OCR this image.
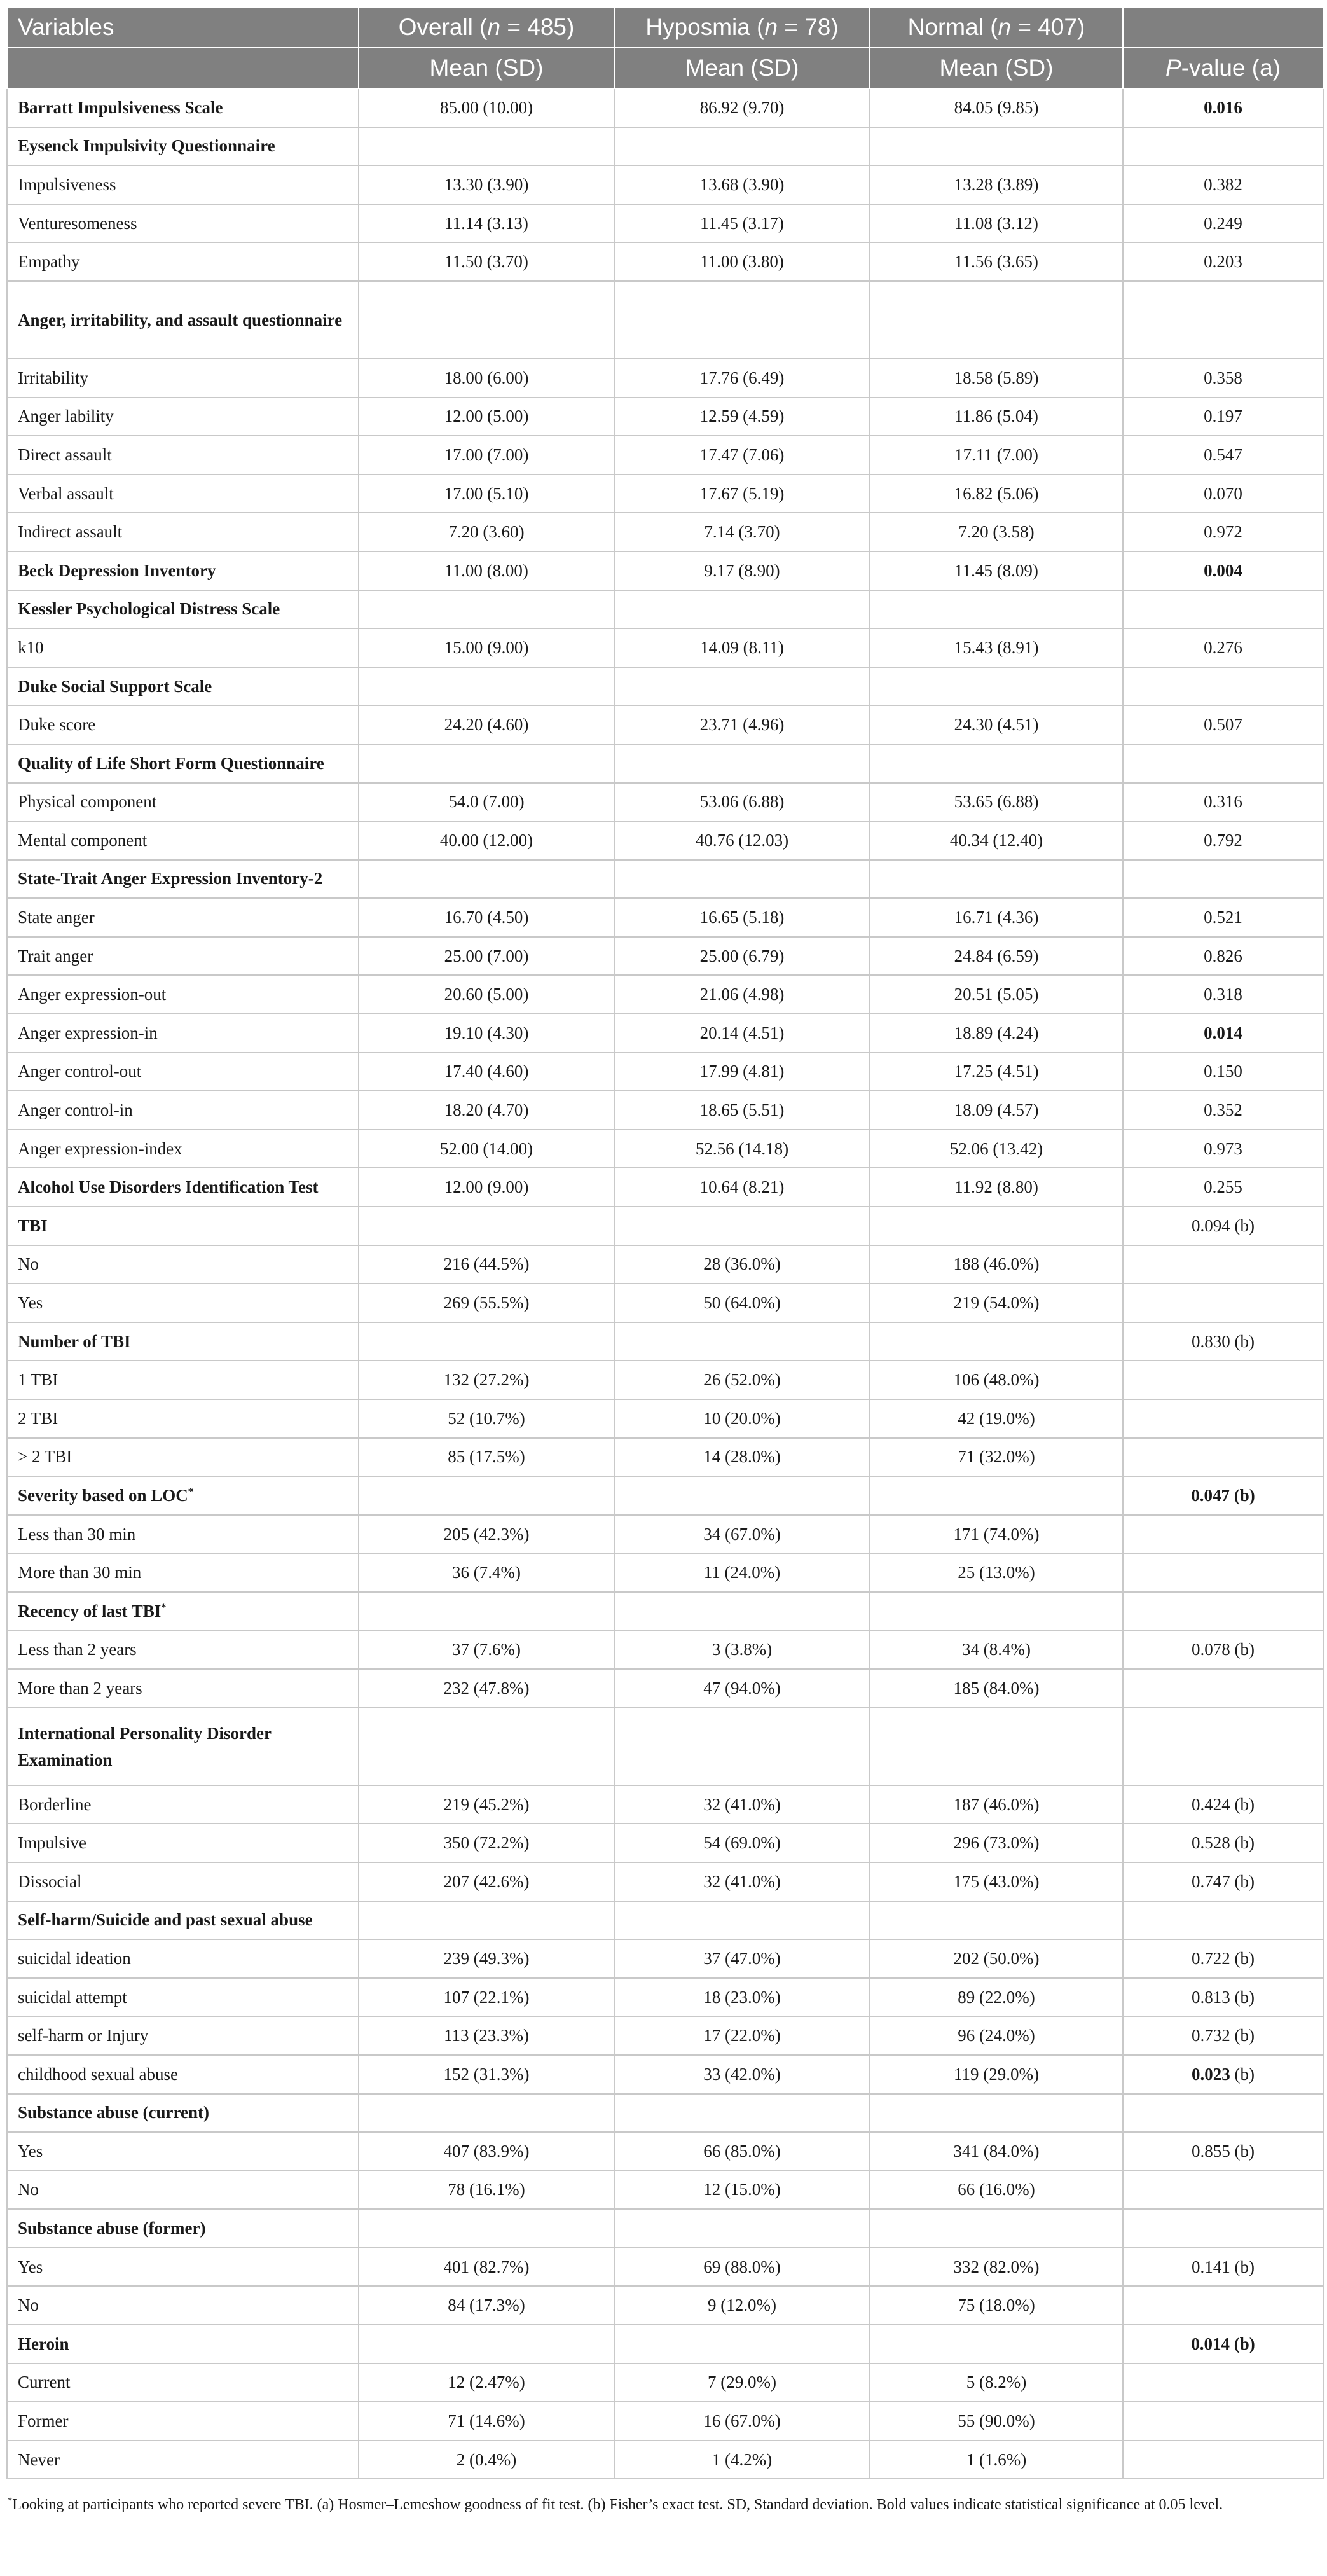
Variables	Overall (n = 485)	Hyposmia (n = 78)	Normal (n = 407)	
	Mean (SD)	Mean (SD)	Mean (SD)	P-value (a)
Barratt Impulsiveness Scale	85.00 (10.00)	86.92 (9.70)	84.05 (9.85)	0.016
Eysenck Impulsivity Questionnaire				
Impulsiveness	13.30 (3.90)	13.68 (3.90)	13.28 (3.89)	0.382
Venturesomeness	11.14 (3.13)	11.45 (3.17)	11.08 (3.12)	0.249
Empathy	11.50 (3.70)	11.00 (3.80)	11.56 (3.65)	0.203
Anger, irritability, and assault questionnaire				
Irritability	18.00 (6.00)	17.76 (6.49)	18.58 (5.89)	0.358
Anger lability	12.00 (5.00)	12.59 (4.59)	11.86 (5.04)	0.197
Direct assault	17.00 (7.00)	17.47 (7.06)	17.11 (7.00)	0.547
Verbal assault	17.00 (5.10)	17.67 (5.19)	16.82 (5.06)	0.070
Indirect assault	7.20 (3.60)	7.14 (3.70)	7.20 (3.58)	0.972
Beck Depression Inventory	11.00 (8.00)	9.17 (8.90)	11.45 (8.09)	0.004
Kessler Psychological Distress Scale				
k10	15.00 (9.00)	14.09 (8.11)	15.43 (8.91)	0.276
Duke Social Support Scale				
Duke score	24.20 (4.60)	23.71 (4.96)	24.30 (4.51)	0.507
Quality of Life Short Form Questionnaire				
Physical component	54.0 (7.00)	53.06 (6.88)	53.65 (6.88)	0.316
Mental component	40.00 (12.00)	40.76 (12.03)	40.34 (12.40)	0.792
State-Trait Anger Expression Inventory-2				
State anger	16.70 (4.50)	16.65 (5.18)	16.71 (4.36)	0.521
Trait anger	25.00 (7.00)	25.00 (6.79)	24.84 (6.59)	0.826
Anger expression-out	20.60 (5.00)	21.06 (4.98)	20.51 (5.05)	0.318
Anger expression-in	19.10 (4.30)	20.14 (4.51)	18.89 (4.24)	0.014
Anger control-out	17.40 (4.60)	17.99 (4.81)	17.25 (4.51)	0.150
Anger control-in	18.20 (4.70)	18.65 (5.51)	18.09 (4.57)	0.352
Anger expression-index	52.00 (14.00)	52.56 (14.18)	52.06 (13.42)	0.973
Alcohol Use Disorders Identification Test	12.00 (9.00)	10.64 (8.21)	11.92 (8.80)	0.255
TBI				0.094 (b)
No	216 (44.5%)	28 (36.0%)	188 (46.0%)	
Yes	269 (55.5%)	50 (64.0%)	219 (54.0%)	
Number of TBI				0.830 (b)
1 TBI	132 (27.2%)	26 (52.0%)	106 (48.0%)	
2 TBI	52 (10.7%)	10 (20.0%)	42 (19.0%)	
> 2 TBI	85 (17.5%)	14 (28.0%)	71 (32.0%)	
Severity based on LOC*				0.047 (b)
Less than 30 min	205 (42.3%)	34 (67.0%)	171 (74.0%)	
More than 30 min	36 (7.4%)	11 (24.0%)	25 (13.0%)	
Recency of last TBI*				
Less than 2 years	37 (7.6%)	3 (3.8%)	34 (8.4%)	0.078 (b)
More than 2 years	232 (47.8%)	47 (94.0%)	185 (84.0%)	
International Personality Disorder Examination				
Borderline	219 (45.2%)	32 (41.0%)	187 (46.0%)	0.424 (b)
Impulsive	350 (72.2%)	54 (69.0%)	296 (73.0%)	0.528 (b)
Dissocial	207 (42.6%)	32 (41.0%)	175 (43.0%)	0.747 (b)
Self-harm/Suicide and past sexual abuse				
suicidal ideation	239 (49.3%)	37 (47.0%)	202 (50.0%)	0.722 (b)
suicidal attempt	107 (22.1%)	18 (23.0%)	89 (22.0%)	0.813 (b)
self-harm or Injury	113 (23.3%)	17 (22.0%)	96 (24.0%)	0.732 (b)
childhood sexual abuse	152 (31.3%)	33 (42.0%)	119 (29.0%)	0.023 (b)
Substance abuse (current)				
Yes	407 (83.9%)	66 (85.0%)	341 (84.0%)	0.855 (b)
No	78 (16.1%)	12 (15.0%)	66 (16.0%)	
Substance abuse (former)				
Yes	401 (82.7%)	69 (88.0%)	332 (82.0%)	0.141 (b)
No	84 (17.3%)	9 (12.0%)	75 (18.0%)	
Heroin				0.014 (b)
Current	12 (2.47%)	7 (29.0%)	5 (8.2%)	
Former	71 (14.6%)	16 (67.0%)	55 (90.0%)	
Never	2 (0.4%)	1 (4.2%)	1 (1.6%)	

*Looking at participants who reported severe TBI. (a) Hosmer–Lemeshow goodness of fit test. (b) Fisher’s exact test. SD, Standard deviation. Bold values indicate statistical significance at 0.05 level.
